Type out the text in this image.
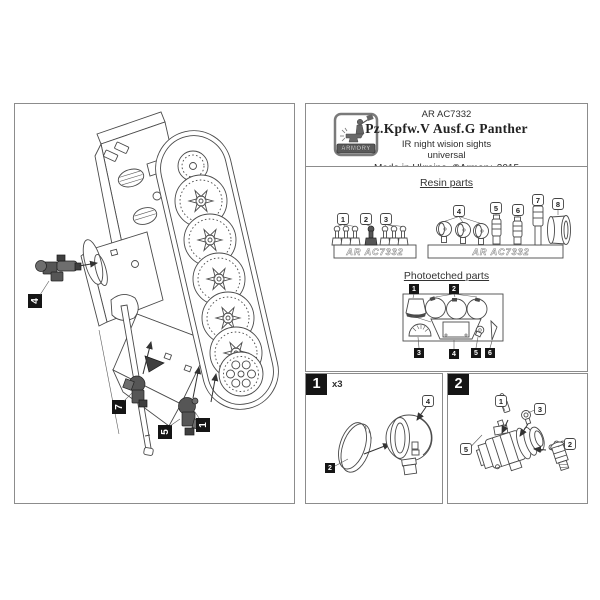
4
7
5
1
ARMORY
AR AC7332
Pz.Kpfw.V Ausf.G Panther
IR night wision sights
universal
Resin parts
AR AC7332
1	2 3
AR AC7332
4	5 6
7 8
Photoetched parts
1	2
3	4	5 6
2
4
1	x3
1
3
5
2
2
